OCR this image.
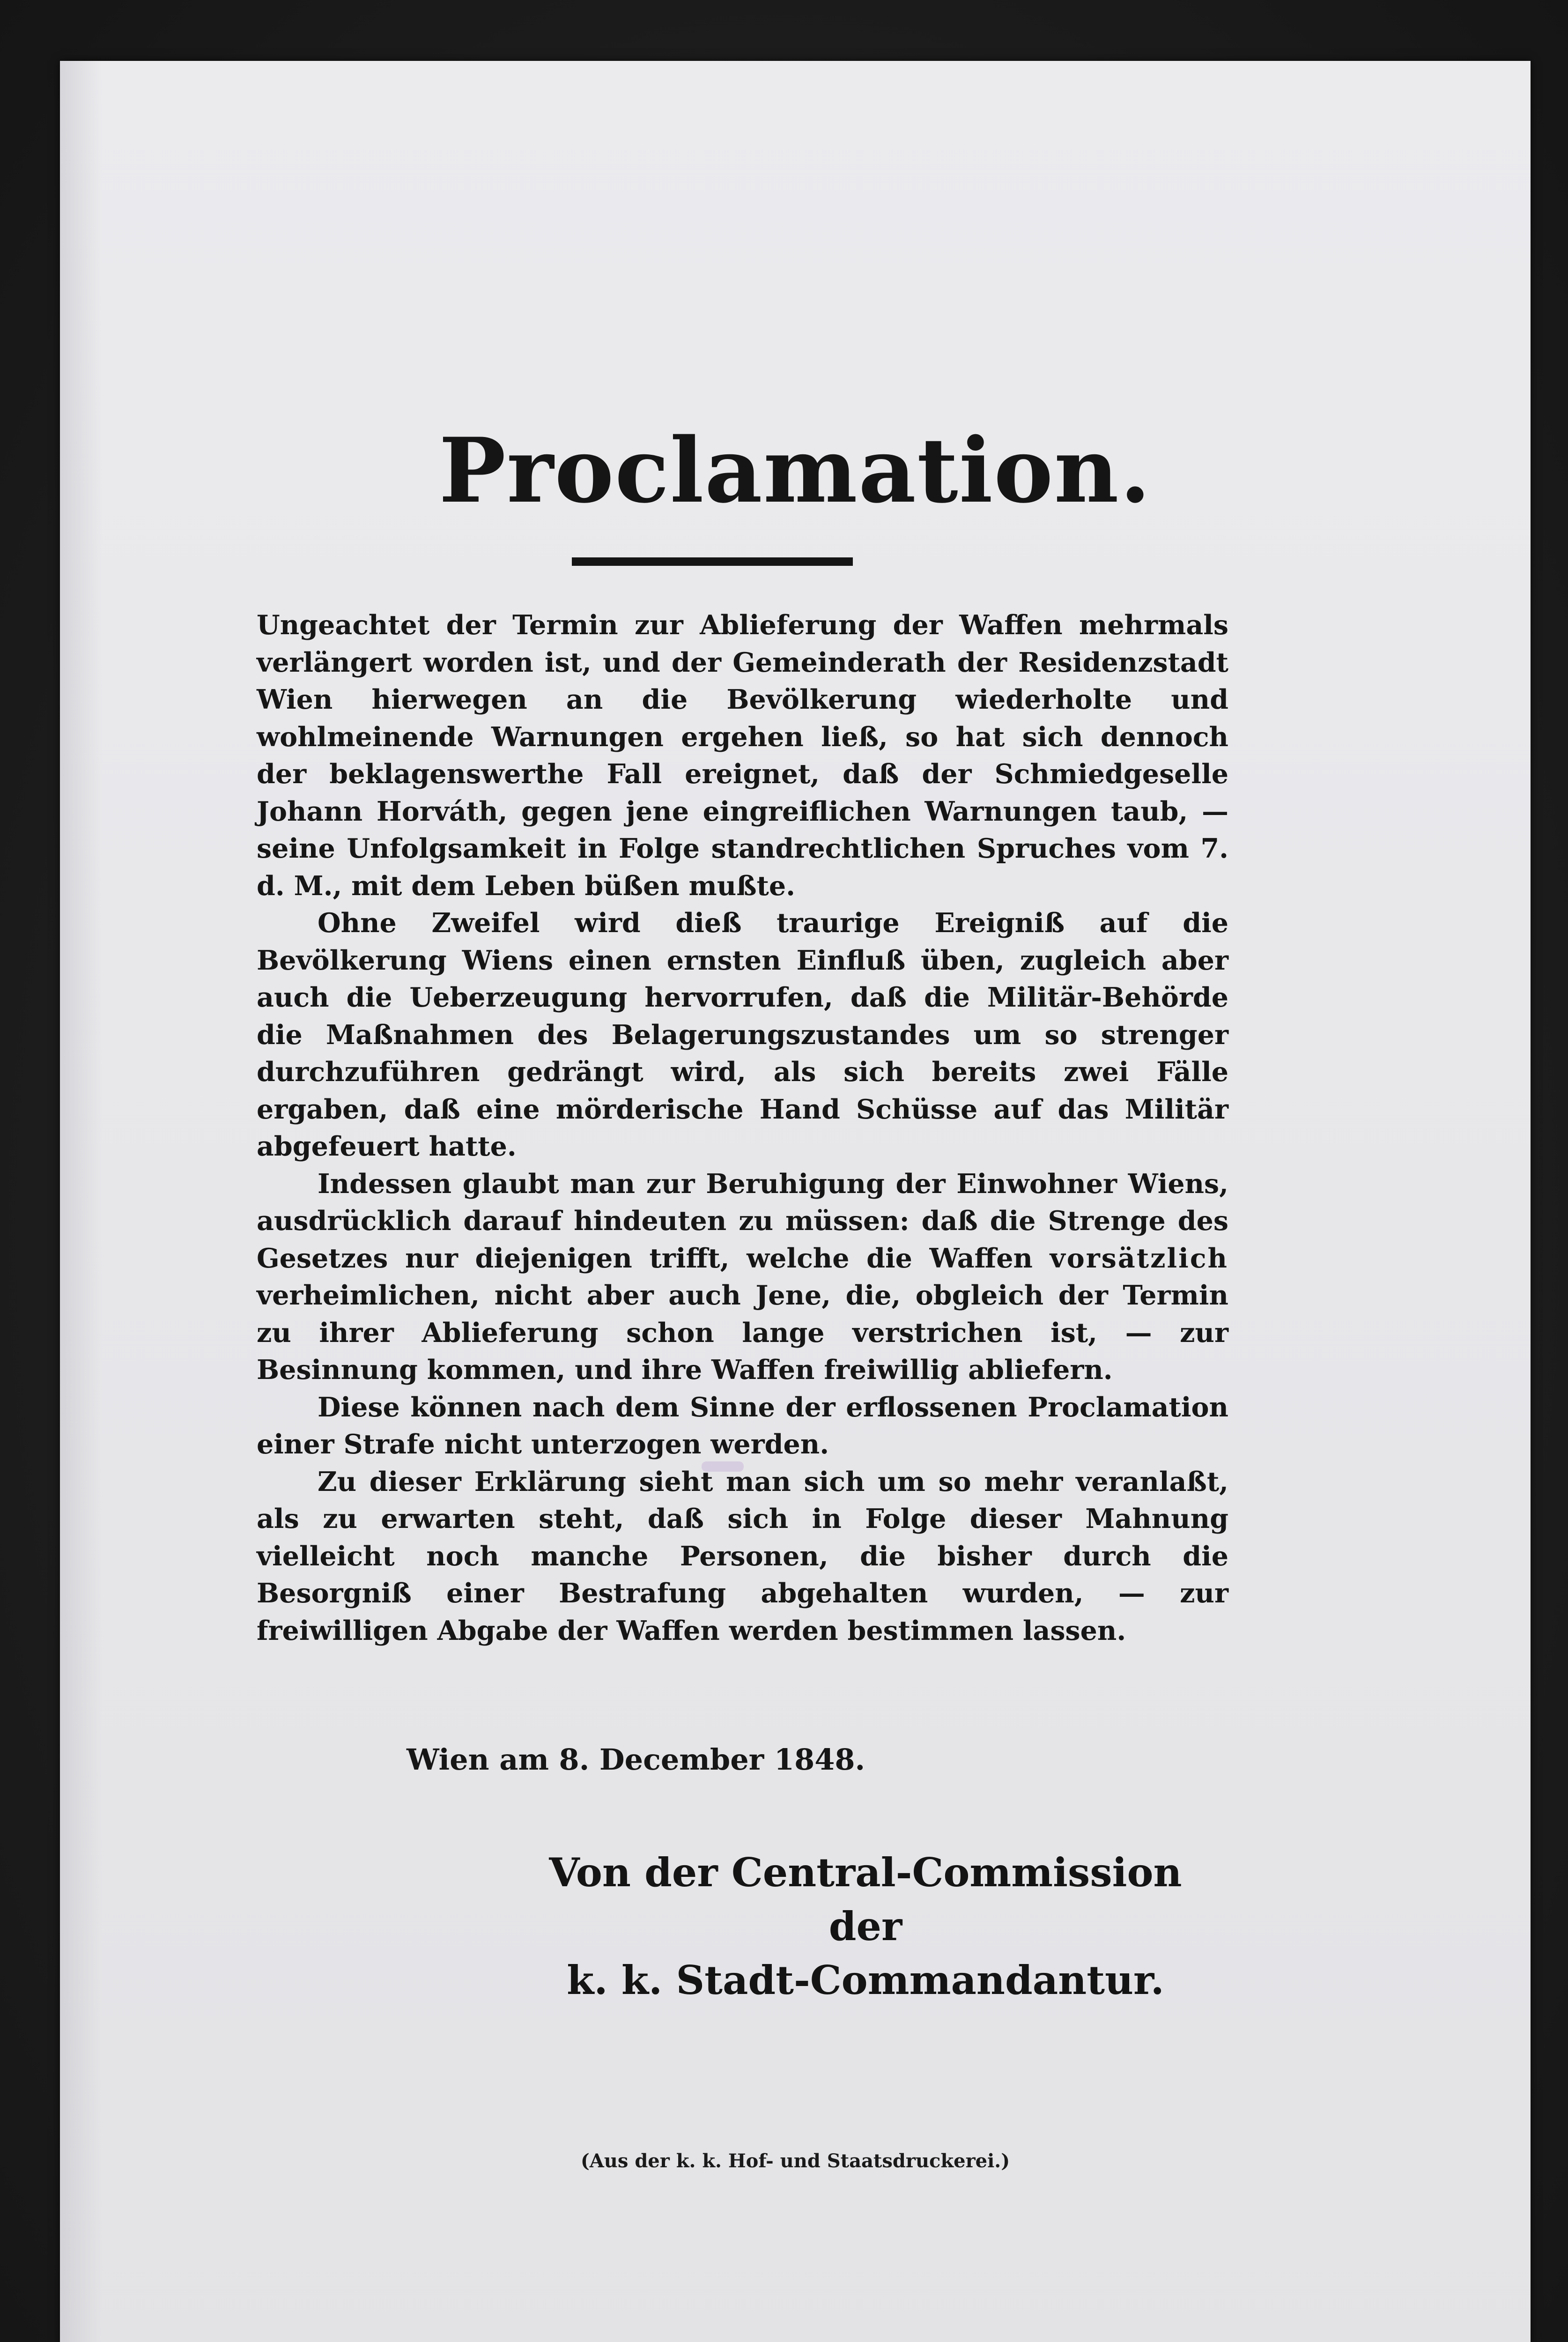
Proclamation.

Ungeachtet der Termin zur Ablieferung der Waffen mehrmals verlängert worden ist, und der Gemeinderath der Residenzstadt Wien hierwegen an die Bevölkerung wiederholte und wohlmeinende Warnungen ergehen ließ, so hat sich dennoch der beklagenswerthe Fall ereignet, daß der Schmiedgeselle Johann Horváth, gegen jene eingreiflichen Warnungen taub, — seine Unfolgsamkeit in Folge standrechtlichen Spruches vom 7. d. M., mit dem Leben büßen mußte.

Ohne Zweifel wird dieß traurige Ereigniß auf die Bevölkerung Wiens einen ernsten Einfluß üben, zugleich aber auch die Ueberzeugung hervorrufen, daß die Militär-Behörde die Maßnahmen des Belagerungszustandes um so strenger durchzuführen gedrängt wird, als sich bereits zwei Fälle ergaben, daß eine mörderische Hand Schüsse auf das Militär abgefeuert hatte.

Indessen glaubt man zur Beruhigung der Einwohner Wiens, ausdrücklich darauf hindeuten zu müssen: daß die Strenge des Gesetzes nur diejenigen trifft, welche die Waffen vorsätzlich verheimlichen, nicht aber auch Jene, die, obgleich der Termin zu ihrer Ablieferung schon lange verstrichen ist, — zur Besinnung kommen, und ihre Waffen freiwillig abliefern.

Diese können nach dem Sinne der erflossenen Proclamation einer Strafe nicht unterzogen werden.

Zu dieser Erklärung sieht man sich um so mehr veranlaßt, als zu erwarten steht, daß sich in Folge dieser Mahnung vielleicht noch manche Personen, die bisher durch die Besorgniß einer Bestrafung abgehalten wurden, — zur freiwilligen Abgabe der Waffen werden bestimmen lassen.

Wien am 8. December 1848.
Von der Central-Commission der
k. k. Stadt-Commandantur.
(Aus der k. k. Hof- und Staatsdruckerei.)
